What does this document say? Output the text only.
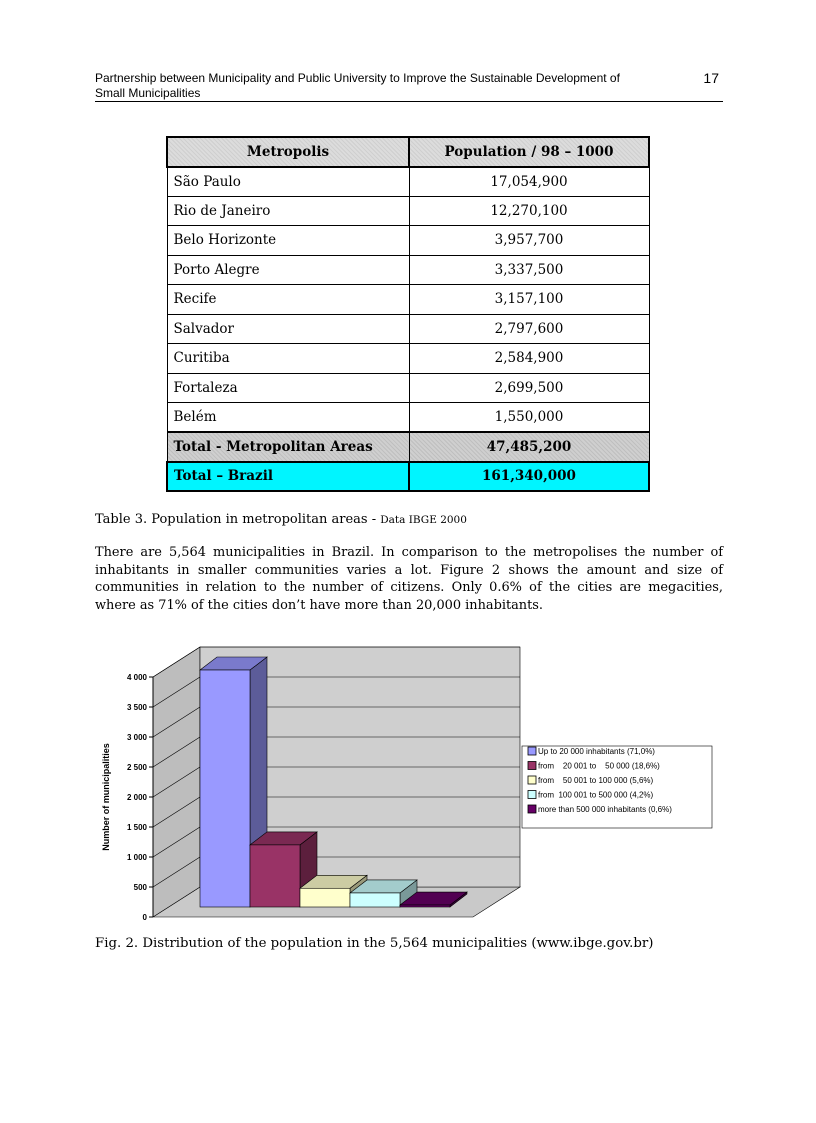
Partnership between Municipality and Public University to Improve the Sustainable Development of Small Municipalities
17
Metropolis	Population / 98 – 1000
São Paulo	17,054,900
Rio de Janeiro	12,270,100
Belo Horizonte	3,957,700
Porto Alegre	3,337,500
Recife	3,157,100
Salvador	2,797,600
Curitiba	2,584,900
Fortaleza	2,699,500
Belém	1,550,000
Total - Metropolitan Areas	47,485,200
Total – Brazil	161,340,000
Table 3. Population in metropolitan areas - Data IBGE 2000
There are 5,564 municipalities in Brazil. In comparison to the metropolises the number of inhabitants in smaller communities varies a lot. Figure 2 shows the amount and size of communities in relation to the number of citizens. Only 0.6% of the cities are megacities, where as 71% of the cities don’t have more than 20,000 inhabitants.
0
500
1 000
1 500
2 000
2 500
3 000
3 500
4 000
Number of municipalities	Up to 20 000 inhabitants (71,0%)
from    20 001 to    50 000 (18,6%)
from    50 001 to 100 000 (5,6%)
from  100 001 to 500 000 (4,2%)
more than 500 000 inhabitants (0,6%)
Fig. 2. Distribution of the population in the 5,564 municipalities (www.ibge.gov.br)
